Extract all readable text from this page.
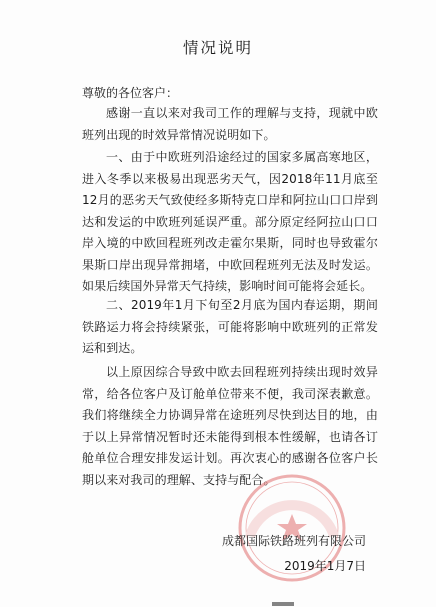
情况说明
尊敬的各位客户：

感谢一直以来对我司工作的理解与支持，现就中欧班列出现的时效异常情况说明如下。

一、由于中欧班列沿途经过的国家多属高寒地区，进入冬季以来极易出现恶劣天气，因2018年11月底至12月的恶劣天气致使经多斯特克口岸和阿拉山口口岸到达和发运的中欧班列延误严重。部分原定经阿拉山口口岸入境的中欧回程班列改走霍尔果斯，同时也导致霍尔果斯口岸出现异常拥堵，中欧回程班列无法及时发运。如果后续国外异常天气持续，影响时间可能将会延长。

二、2019年1月下旬至2月底为国内春运期，期间铁路运力将会持续紧张，可能将影响中欧班列的正常发运和到达。

以上原因综合导致中欧去回程班列持续出现时效异常，给各位客户及订舱单位带来不便，我司深表歉意。我们将继续全力协调异常在途班列尽快到达目的地，由于以上异常情况暂时还未能得到根本性缓解，也请各订舱单位合理安排发运计划。再次衷心的感谢各位客户长期以来对我司的理解、支持与配合。

成都国际铁路班列有限公司
2019年1月7日
